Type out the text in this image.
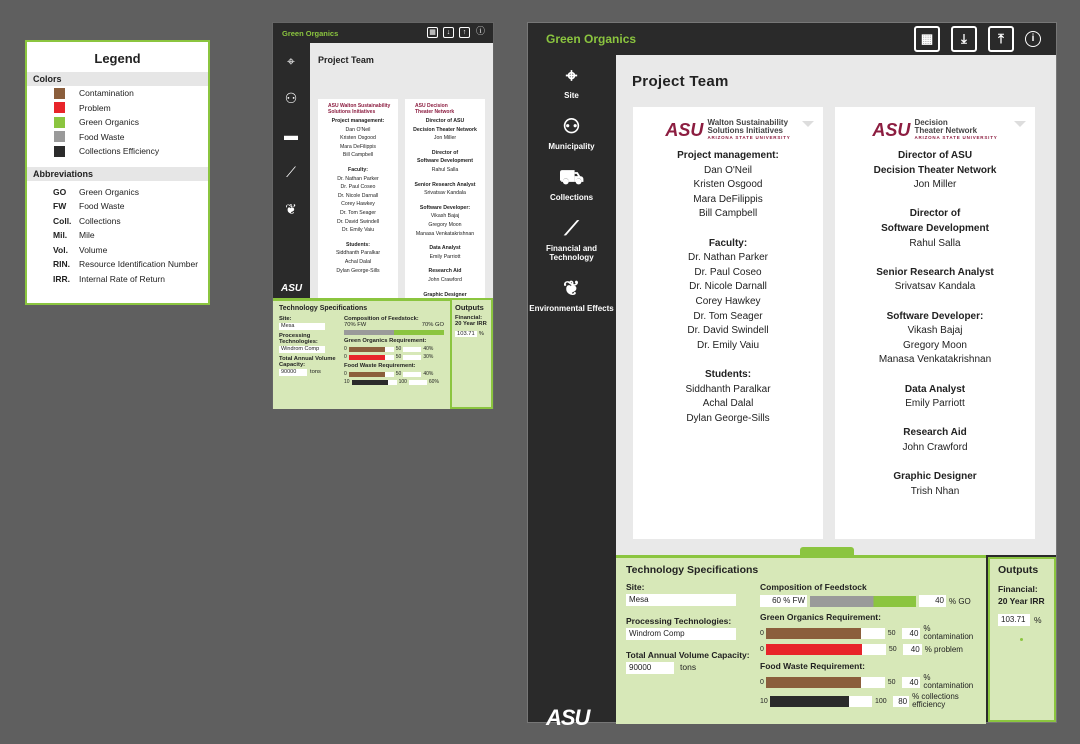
Legend
Colors
Contamination
Problem
Green Organics
Food Waste
Collections Efficiency
Abbreviations
GO	Green Organics
FW	Food Waste
Coll. Collections
Mil.	Mile
Vol.	Volume
RIN.	Resource Identification Number
IRR.	Internal Rate of Return
Green Organics	▦	↓	↑	ⓘ
⌖
⚇
▬
⟋
❦
ASU
Project Team
ASU Walton Sustainability
Solutions Initiatives
Project management:
Dan O'Neil
Kristen Osgood
Mara DeFilippis
Bill Campbell
Faculty:
Dr. Nathan Parker
Dr. Paul Coseo
Dr. Nicole Darnall
Corey Hawkey
Dr. Tom Seager
Dr. David Swindell
Dr. Emily Vaiu
Students:
Siddhanth Paralkar
Achal Dalal
Dylan George-Sills
ASU Decision
Theater Network
Director of ASU
Decision Theater Network
Jon Miller
Director of
Software Development
Rahul Salla
Senior Research Analyst
Srivatsav Kandala
Software Developer:
Vikash Bajaj
Gregory Moon
Manasa Venkatakrishnan
Data Analyst
Emily Parriott
Research Aid
John Crawford
Graphic Designer
Technology Specifications
Site:
Mesa
Processing Technologies:
Windrom Comp
Total Annual Volume Capacity:
90000	tons
Composition of Feedstock:
70% FW	70% GO
Green Organics Requirement:
0	50	40%
0	50	30%
Food Waste Requirement:
0	50	40%
10	100	60%
Outputs
Financial: 20 Year IRR
103.71 %
Green Organics	▦	⤓	⤒	i
⌖
Site
⚇
Municipality
⛟
Collections
⟋
Financial and Technology
❦
Environmental Effects
ASU
Project Team
ASU Walton Sustainability
Solutions Initiatives
ARIZONA STATE UNIVERSITY
Project management:
Dan O'Neil
Kristen Osgood
Mara DeFilippis
Bill Campbell
Faculty:
Dr. Nathan Parker
Dr. Paul Coseo
Dr. Nicole Darnall
Corey Hawkey
Dr. Tom Seager
Dr. David Swindell
Dr. Emily Vaiu
Students:
Siddhanth Paralkar
Achal Dalal
Dylan George-Sills
ASU Decision
Theater Network
ARIZONA STATE UNIVERSITY
Director of ASU
Decision Theater Network
Jon Miller
Director of
Software Development
Rahul Salla
Senior Research Analyst
Srivatsav Kandala
Software Developer:
Vikash Bajaj
Gregory Moon
Manasa Venkatakrishnan
Data Analyst
Emily Parriott
Research Aid
John Crawford
Graphic Designer
Trish Nhan
Technology Specifications
Site:
Mesa
Processing Technologies:
Windrom Comp
Total Annual Volume Capacity:
90000	tons
Composition of Feedstock
60 % FW	40 % GO
Green Organics Requirement:
0	50	40 % contamination
0	50	40 % problem
Food Waste Requirement:
0	50	40 % contamination
10	100	80 % collections efficiency
Outputs
Financial: 20 Year IRR
103.71	%
